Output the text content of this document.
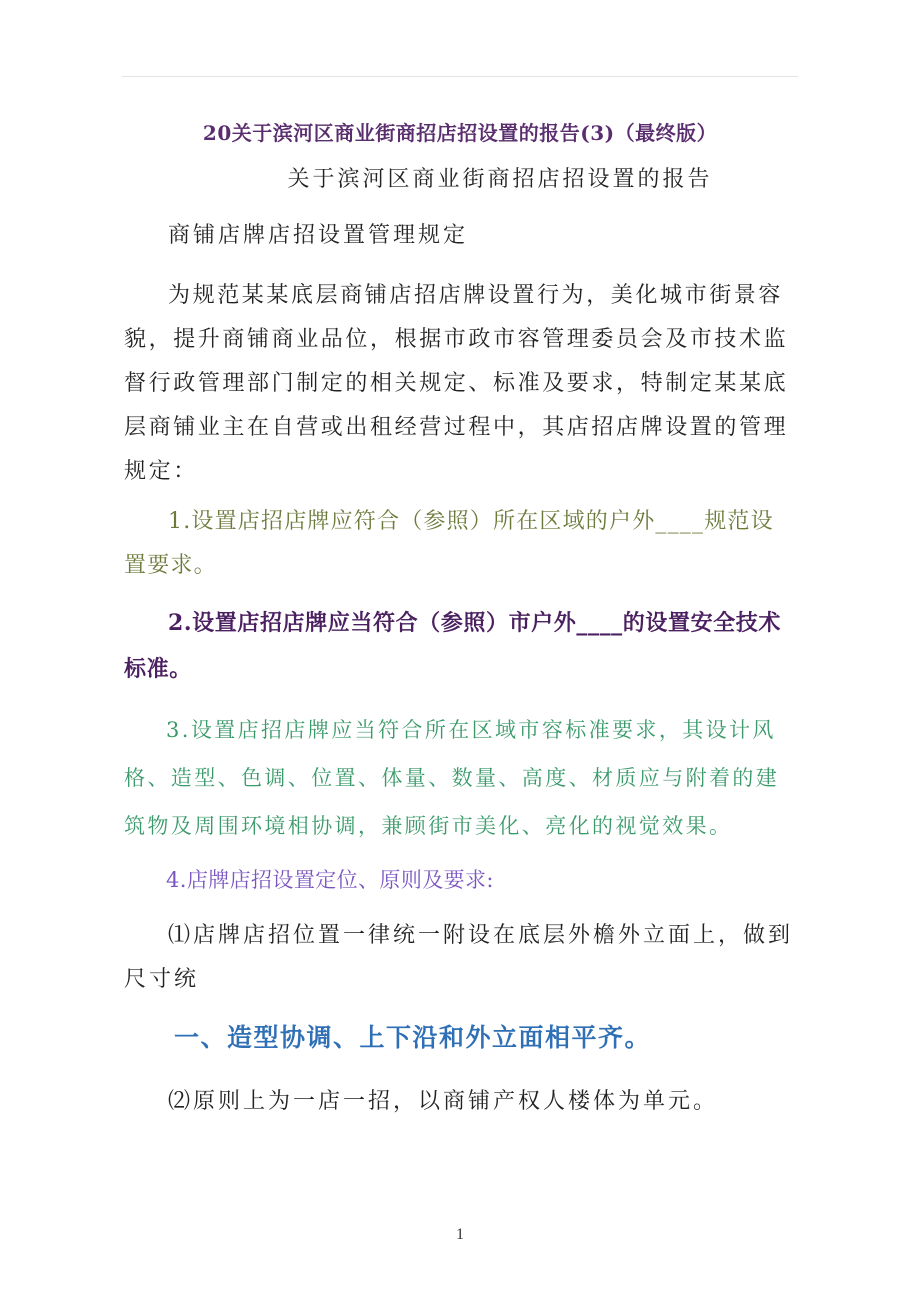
20关于滨河区商业街商招店招设置的报告(3)（最终版）
关于滨河区商业街商招店招设置的报告
商铺店牌店招设置管理规定
为规范某某底层商铺店招店牌设置行为，美化城市街景容貌，提升商铺商业品位，根据市政市容管理委员会及市技术监督行政管理部门制定的相关规定、标准及要求，特制定某某底层商铺业主在自营或出租经营过程中，其店招店牌设置的管理规定：
1.设置店招店牌应符合（参照）所在区域的户外____规范设置要求。
2.设置店招店牌应当符合（参照）市户外____的设置安全技术标准。
3.设置店招店牌应当符合所在区域市容标准要求，其设计风格、造型、色调、位置、体量、数量、高度、材质应与附着的建筑物及周围环境相协调，兼顾街市美化、亮化的视觉效果。
4.店牌店招设置定位、原则及要求:
⑴店牌店招位置一律统一附设在底层外檐外立面上，做到尺寸统
一、造型协调、上下沿和外立面相平齐。
⑵原则上为一店一招，以商铺产权人楼体为单元。
1
